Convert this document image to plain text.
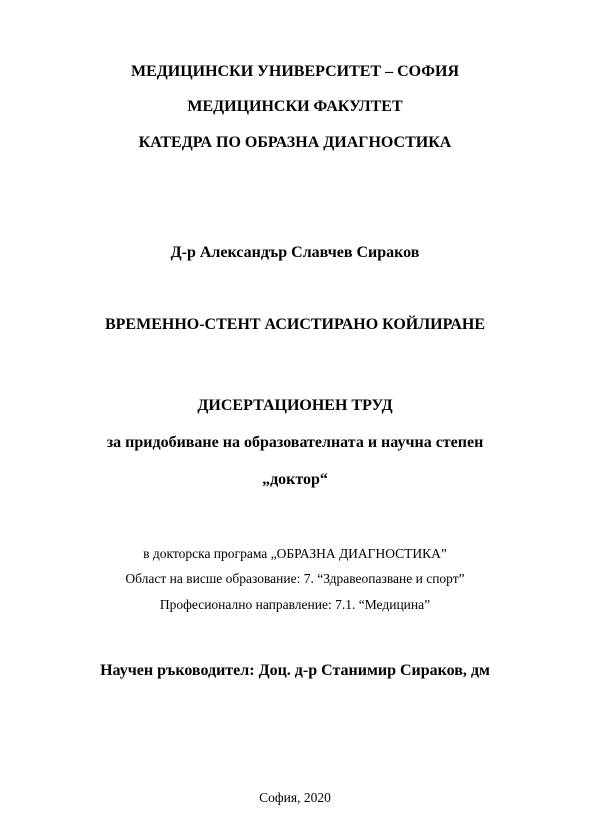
МЕДИЦИНСКИ УНИВЕРСИТЕТ – СОФИЯ
МЕДИЦИНСКИ ФАКУЛТЕТ
КАТЕДРА ПО ОБРАЗНА ДИАГНОСТИКА
Д-р Александър Славчев Сираков
ВРЕМЕННО-СТЕНТ АСИСТИРАНО КОЙЛИРАНЕ
ДИСЕРТАЦИОНЕН ТРУД
за придобиване на образователната и научна степен
„доктор“
в докторска програма „ОБРАЗНА ДИАГНОСТИКА”
Област на висше образование: 7. “Здравеопазване и спорт”
Професионално направление: 7.1. “Медицина”
Научен ръководител: Доц. д-р Станимир Сираков, дм
София, 2020
